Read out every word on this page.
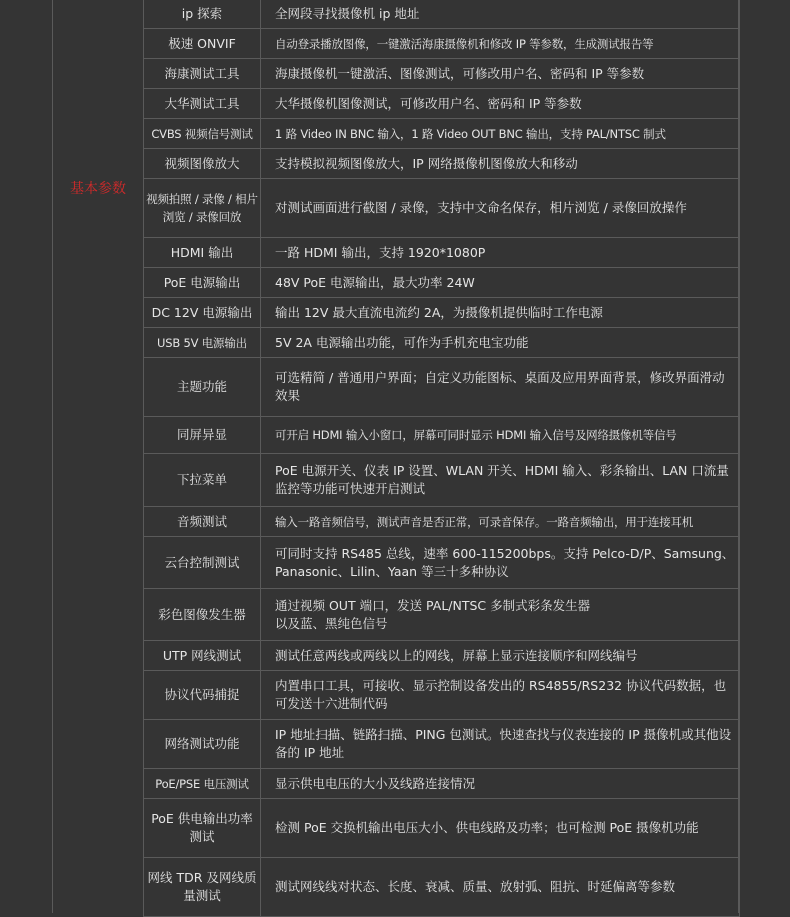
基本参数
ip 探索	全网段寻找摄像机 ip 地址
极速 ONVIF	自动登录播放图像，一键激活海康摄像机和修改 IP 等参数，生成测试报告等
海康测试工具	海康摄像机一键激活、图像测试，可修改用户名、密码和 IP 等参数
大华测试工具	大华摄像机图像测试，可修改用户名、密码和 IP 等参数
CVBS 视频信号测试	1 路 Video IN BNC 输入，1 路 Video OUT BNC 输出，支持 PAL/NTSC 制式
视频图像放大	支持模拟视频图像放大，IP 网络摄像机图像放大和移动
视频拍照 / 录像 / 相片浏览 / 录像回放	对测试画面进行截图 / 录像，支持中文命名保存，相片浏览 / 录像回放操作
HDMI 输出	一路 HDMI 输出，支持 1920*1080P
PoE 电源输出	48V PoE 电源输出，最大功率 24W
DC 12V 电源输出	输出 12V 最大直流电流约 2A，为摄像机提供临时工作电源
USB 5V 电源输出	5V 2A 电源输出功能，可作为手机充电宝功能
主题功能	可选精简 / 普通用户界面；自定义功能图标、桌面及应用界面背景，修改界面滑动效果
同屏异显	可开启 HDMI 输入小窗口，屏幕可同时显示 HDMI 输入信号及网络摄像机等信号
下拉菜单	PoE 电源开关、仪表 IP 设置、WLAN 开关、HDMI 输入、彩条输出、LAN 口流量监控等功能可快速开启测试
音频测试	输入一路音频信号，测试声音是否正常，可录音保存。一路音频输出，用于连接耳机
云台控制测试	可同时支持 RS485 总线，速率 600-115200bps。支持 Pelco-D/P、Samsung、Panasonic、Lilin、Yaan 等三十多种协议
彩色图像发生器	通过视频 OUT 端口，发送 PAL/NTSC 多制式彩条发生器
以及蓝、黑纯色信号
UTP 网线测试	测试任意两线或两线以上的网线，屏幕上显示连接顺序和网线编号
协议代码捕捉	内置串口工具，可接收、显示控制设备发出的 RS4855/RS232 协议代码数据，也可发送十六进制代码
网络测试功能	IP 地址扫描、链路扫描、PING 包测试。快速查找与仪表连接的 IP 摄像机或其他设备的 IP 地址
PoE/PSE 电压测试	显示供电电压的大小及线路连接情况
PoE 供电输出功率测试	检测 PoE 交换机输出电压大小、供电线路及功率；也可检测 PoE 摄像机功能
网线 TDR 及网线质量测试	测试网线线对状态、长度、衰减、质量、放射弧、阻抗、时延偏离等参数
